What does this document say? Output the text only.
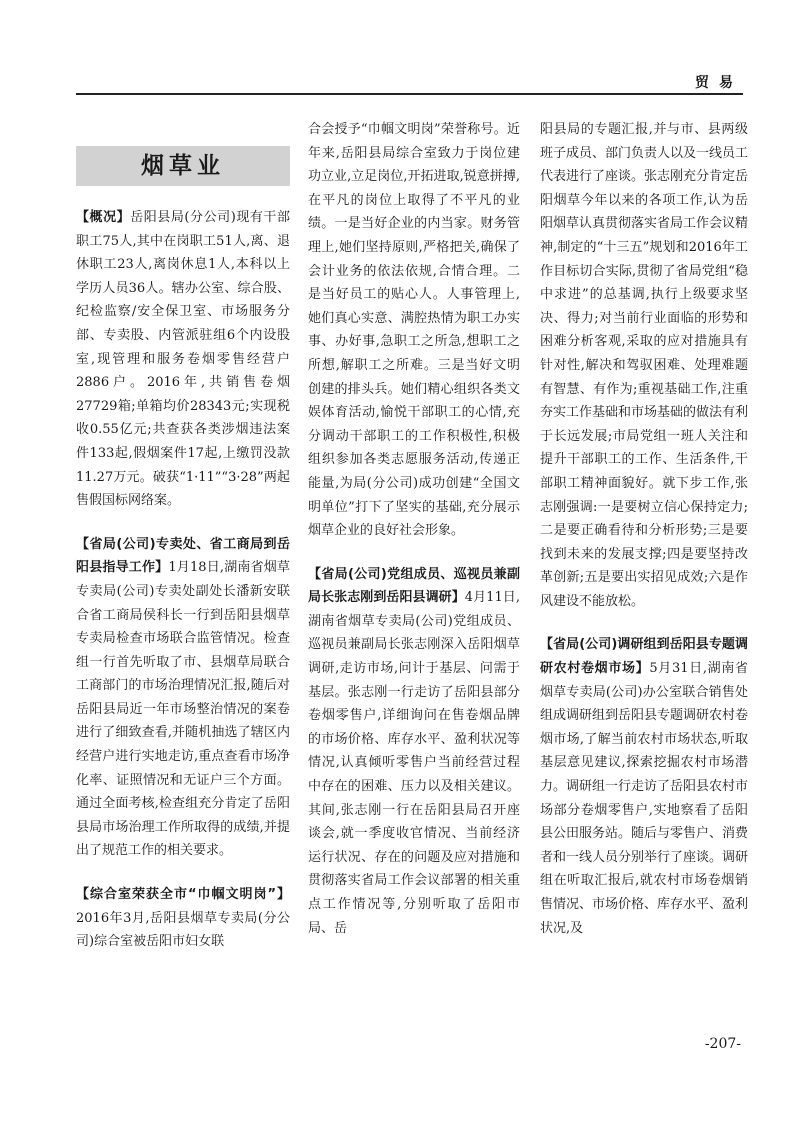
贸易
烟草业

【概况】岳阳县局(分公司)现有干部职工75人,其中在岗职工51人,离、退休职工23人,离岗休息1人,本科以上学历人员36人。辖办公室、综合股、纪检监察/安全保卫室、市场服务分部、专卖股、内管派驻组6个内设股室,现管理和服务卷烟零售经营户2886户。2016年,共销售卷烟27729箱;单箱均价28343元;实现税收0.55亿元;共查获各类涉烟违法案件133起,假烟案件17起,上缴罚没款11.27万元。破获“1·11”“3·28”两起售假国标网络案。

【省局(公司)专卖处、省工商局到岳阳县指导工作】1月18日,湖南省烟草专卖局(公司)专卖处副处长潘新安联合省工商局侯科长一行到岳阳县烟草专卖局检查市场联合监管情况。检查组一行首先听取了市、县烟草局联合工商部门的市场治理情况汇报,随后对岳阳县局近一年市场整治情况的案卷进行了细致查看,并随机抽选了辖区内经营户进行实地走访,重点查看市场净化率、证照情况和无证户三个方面。通过全面考核,检查组充分肯定了岳阳县局市场治理工作所取得的成绩,并提出了规范工作的相关要求。

【综合室荣获全市“巾帼文明岗”】2016年3月,岳阳县烟草专卖局(分公司)综合室被岳阳市妇女联

合会授予“巾帼文明岗”荣誉称号。近年来,岳阳县局综合室致力于岗位建功立业,立足岗位,开拓进取,锐意拼搏,在平凡的岗位上取得了不平凡的业绩。一是当好企业的内当家。财务管理上,她们坚持原则,严格把关,确保了会计业务的依法依规,合情合理。二是当好员工的贴心人。人事管理上,她们真心实意、满腔热情为职工办实事、办好事,急职工之所急,想职工之所想,解职工之所难。三是当好文明创建的排头兵。她们精心组织各类文娱体育活动,愉悦干部职工的心情,充分调动干部职工的工作积极性,积极组织参加各类志愿服务活动,传递正能量,为局(分公司)成功创建“全国文明单位”打下了坚实的基础,充分展示烟草企业的良好社会形象。

【省局(公司)党组成员、巡视员兼副局长张志刚到岳阳县调研】4月11日,湖南省烟草专卖局(公司)党组成员、巡视员兼副局长张志刚深入岳阳烟草调研,走访市场,问计于基层、问需于基层。张志刚一行走访了岳阳县部分卷烟零售户,详细询问在售卷烟品牌的市场价格、库存水平、盈利状况等情况,认真倾听零售户当前经营过程中存在的困难、压力以及相关建议。其间,张志刚一行在岳阳县局召开座谈会,就一季度收官情况、当前经济运行状况、存在的问题及应对措施和贯彻落实省局工作会议部署的相关重点工作情况等,分别听取了岳阳市局、岳

阳县局的专题汇报,并与市、县两级班子成员、部门负责人以及一线员工代表进行了座谈。张志刚充分肯定岳阳烟草今年以来的各项工作,认为岳阳烟草认真贯彻落实省局工作会议精神,制定的“十三五”规划和2016年工作目标切合实际,贯彻了省局党组“稳中求进”的总基调,执行上级要求坚决、得力;对当前行业面临的形势和困难分析客观,采取的应对措施具有针对性,解决和驾驭困难、处理难题有智慧、有作为;重视基础工作,注重夯实工作基础和市场基础的做法有利于长远发展;市局党组一班人关注和提升干部职工的工作、生活条件,干部职工精神面貌好。就下步工作,张志刚强调:一是要树立信心保持定力;二是要正确看待和分析形势;三是要找到未来的发展支撑;四是要坚持改革创新;五是要出实招见成效;六是作风建设不能放松。

【省局(公司)调研组到岳阳县专题调研农村卷烟市场】5月31日,湖南省烟草专卖局(公司)办公室联合销售处组成调研组到岳阳县专题调研农村卷烟市场,了解当前农村市场状态,听取基层意见建议,探索挖掘农村市场潜力。调研组一行走访了岳阳县农村市场部分卷烟零售户,实地察看了岳阳县公田服务站。随后与零售户、消费者和一线人员分别举行了座谈。调研组在听取汇报后,就农村市场卷烟销售情况、市场价格、库存水平、盈利状况,及

-207-
